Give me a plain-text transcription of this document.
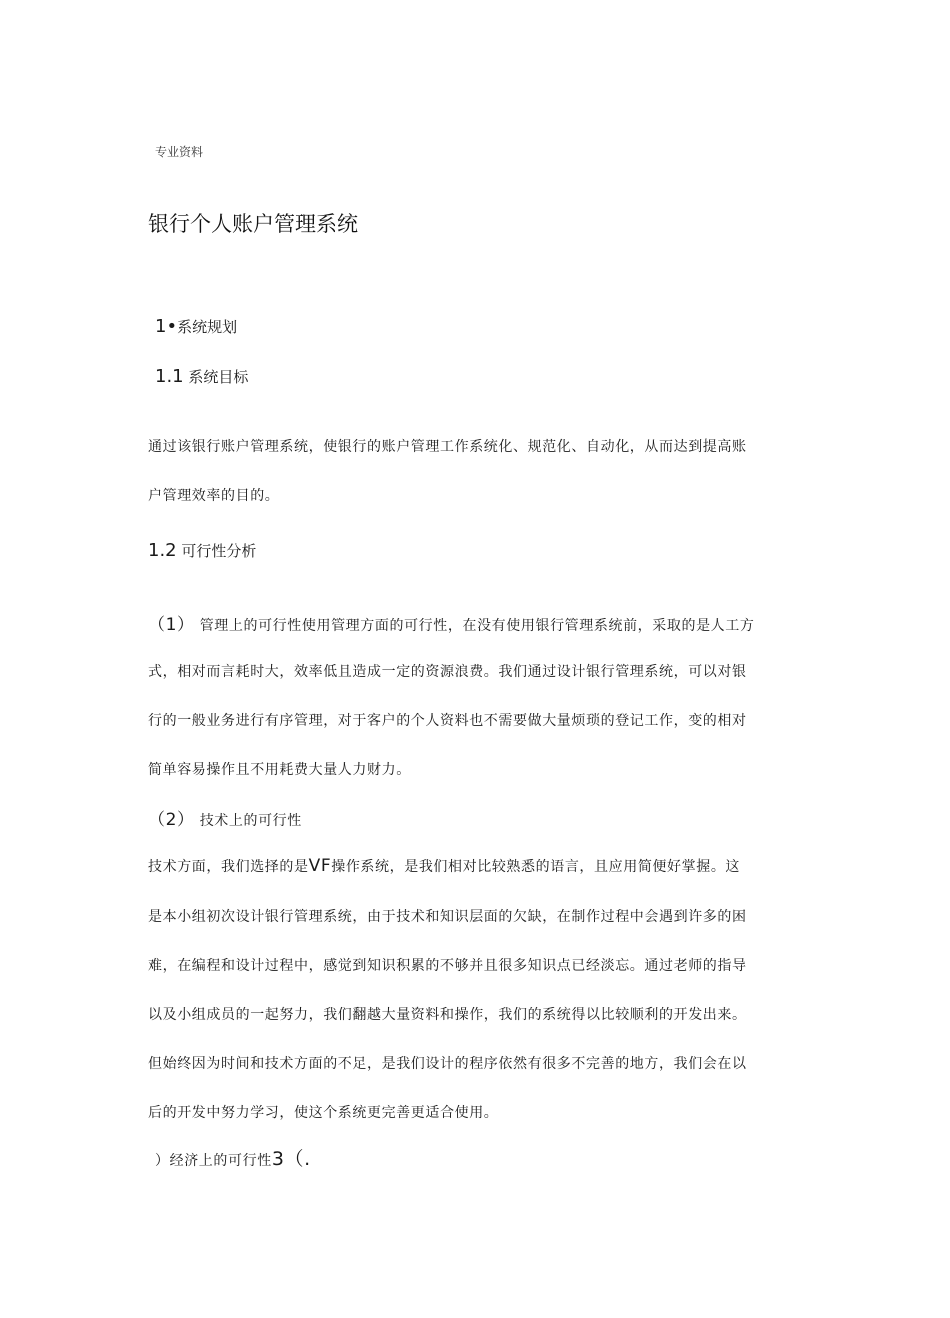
专业资料
银行个人账户管理系统
1•系统规划
1.1 系统目标
通过该银行账户管理系统，使银行的账户管理工作系统化、规范化、自动化，从而达到提高账
户管理效率的目的。
1.2 可行性分析
（1） 管理上的可行性使用管理方面的可行性，在没有使用银行管理系统前，采取的是人工方
式，相对而言耗时大，效率低且造成一定的资源浪费。我们通过设计银行管理系统，可以对银
行的一般业务进行有序管理，对于客户的个人资料也不需要做大量烦琐的登记工作，变的相对
简单容易操作且不用耗费大量人力财力。
（2） 技术上的可行性
技术方面，我们选择的是VF操作系统，是我们相对比较熟悉的语言，且应用简便好掌握。这
是本小组初次设计银行管理系统，由于技术和知识层面的欠缺，在制作过程中会遇到许多的困
难，在编程和设计过程中，感觉到知识积累的不够并且很多知识点已经淡忘。通过老师的指导
以及小组成员的一起努力，我们翻越大量资料和操作，我们的系统得以比较顺利的开发出来。
但始终因为时间和技术方面的不足，是我们设计的程序依然有很多不完善的地方，我们会在以
后的开发中努力学习，使这个系统更完善更适合使用。
）经济上的可行性3（.
